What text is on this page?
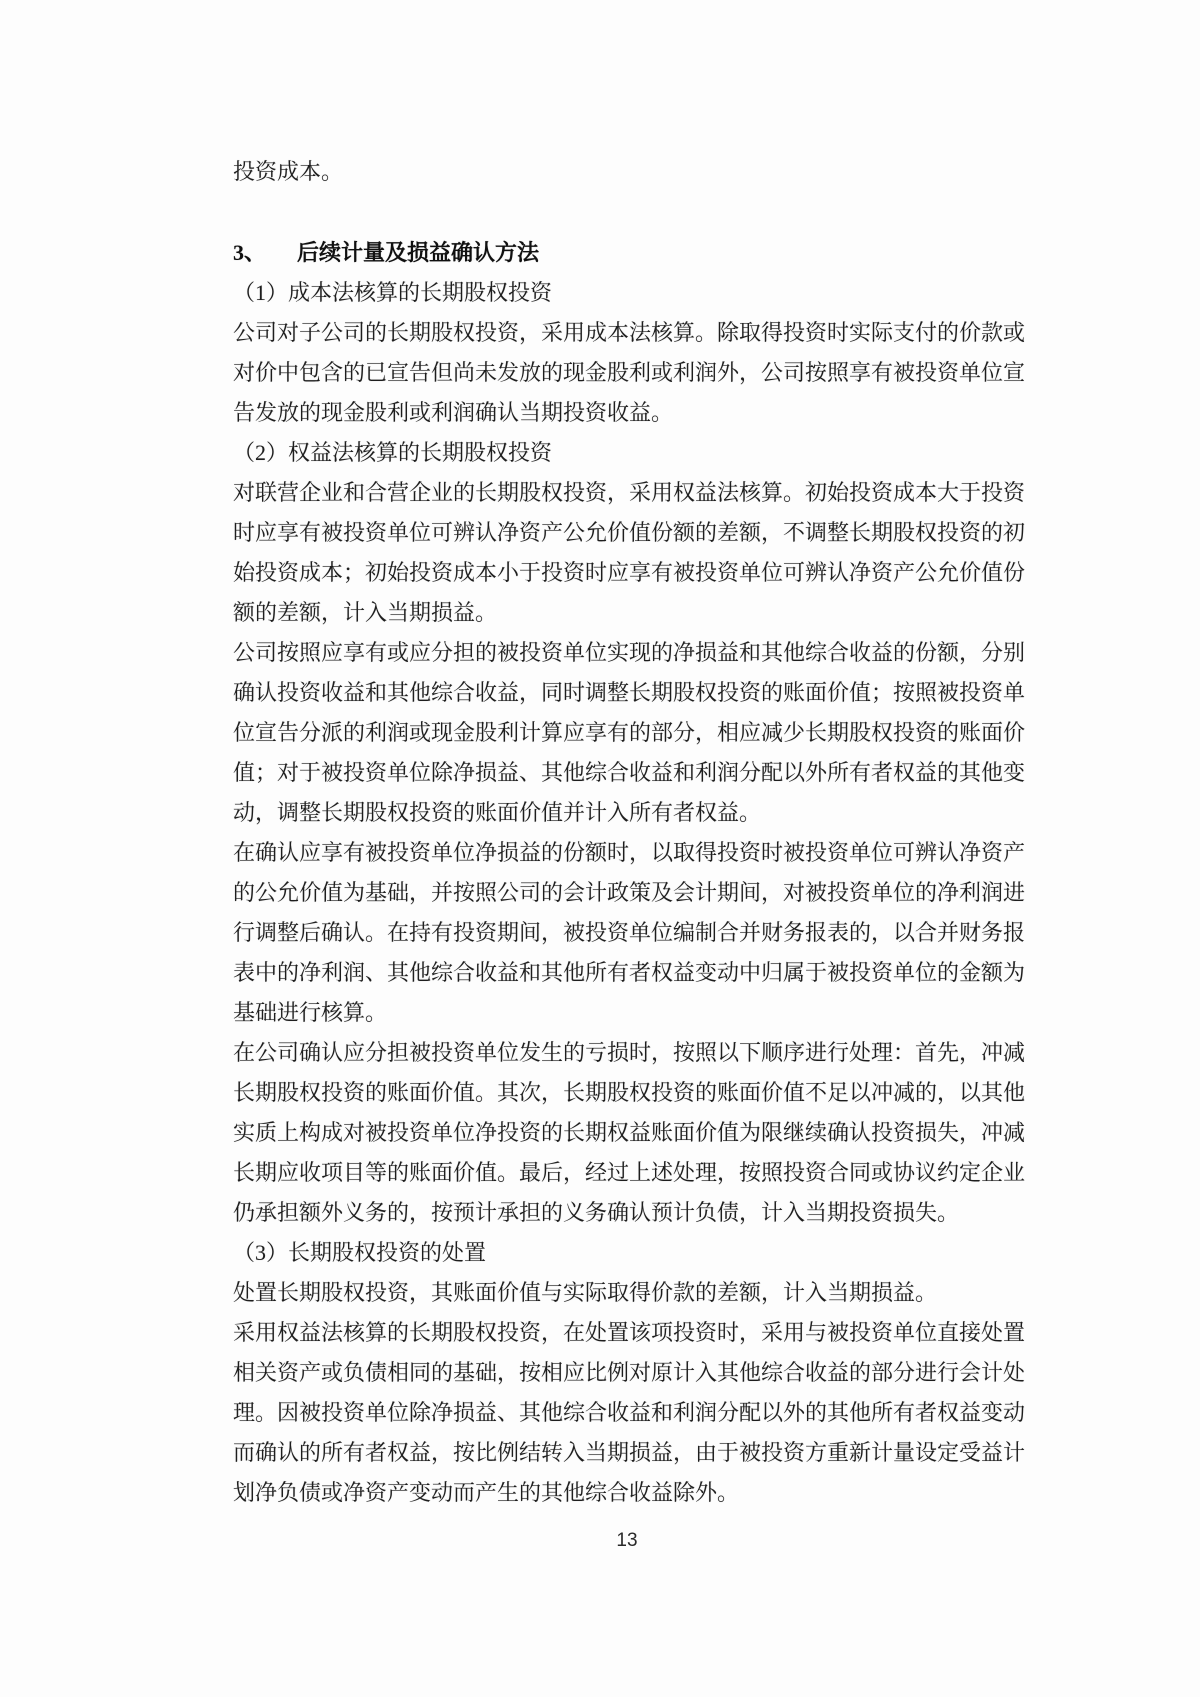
投资成本。
3、 后续计量及损益确认方法
（1）成本法核算的长期股权投资
公司对子公司的长期股权投资，采用成本法核算。除取得投资时实际支付的价款或
对价中包含的已宣告但尚未发放的现金股利或利润外，公司按照享有被投资单位宣
告发放的现金股利或利润确认当期投资收益。
（2）权益法核算的长期股权投资
对联营企业和合营企业的长期股权投资，采用权益法核算。初始投资成本大于投资
时应享有被投资单位可辨认净资产公允价值份额的差额，不调整长期股权投资的初
始投资成本；初始投资成本小于投资时应享有被投资单位可辨认净资产公允价值份
额的差额，计入当期损益。
公司按照应享有或应分担的被投资单位实现的净损益和其他综合收益的份额，分别
确认投资收益和其他综合收益，同时调整长期股权投资的账面价值；按照被投资单
位宣告分派的利润或现金股利计算应享有的部分，相应减少长期股权投资的账面价
值；对于被投资单位除净损益、其他综合收益和利润分配以外所有者权益的其他变
动，调整长期股权投资的账面价值并计入所有者权益。
在确认应享有被投资单位净损益的份额时，以取得投资时被投资单位可辨认净资产
的公允价值为基础，并按照公司的会计政策及会计期间，对被投资单位的净利润进
行调整后确认。在持有投资期间，被投资单位编制合并财务报表的，以合并财务报
表中的净利润、其他综合收益和其他所有者权益变动中归属于被投资单位的金额为
基础进行核算。
在公司确认应分担被投资单位发生的亏损时，按照以下顺序进行处理：首先，冲减
长期股权投资的账面价值。其次，长期股权投资的账面价值不足以冲减的，以其他
实质上构成对被投资单位净投资的长期权益账面价值为限继续确认投资损失，冲减
长期应收项目等的账面价值。最后，经过上述处理，按照投资合同或协议约定企业
仍承担额外义务的，按预计承担的义务确认预计负债，计入当期投资损失。
（3）长期股权投资的处置
处置长期股权投资，其账面价值与实际取得价款的差额，计入当期损益。
采用权益法核算的长期股权投资，在处置该项投资时，采用与被投资单位直接处置
相关资产或负债相同的基础，按相应比例对原计入其他综合收益的部分进行会计处
理。因被投资单位除净损益、其他综合收益和利润分配以外的其他所有者权益变动
而确认的所有者权益，按比例结转入当期损益，由于被投资方重新计量设定受益计
划净负债或净资产变动而产生的其他综合收益除外。
13
